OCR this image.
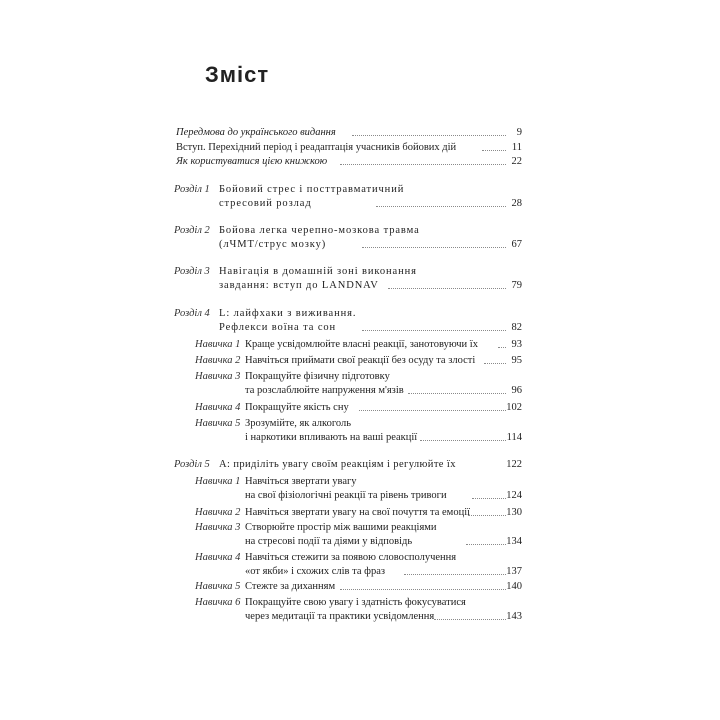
Зміст
Передмова до українського видання	9
Вступ. Перехідний період і реадаптація учасників бойових дій	11
Як користуватися цією книжкою	22
Розділ 1 Бойовий стрес і посттравматичний
стресовий розлад	28
Розділ 2 Бойова легка черепно-мозкова травма
(лЧМТ/струс мозку)	67
Розділ 3 Навігація в домашній зоні виконання
завдання: вступ до LANDNAV	79
Розділ 4 L: лайфхаки з виживання.
Рефлекси воїна та сон	82
Навичка 1 Краще усвідомлюйте власні реакції, занотовуючи їх	93
Навичка 2 Навчіться приймати свої реакції без осуду та злості	95
Навичка 3 Покращуйте фізичну підготовку
та розслаблюйте напруження м'язів	96
Навичка 4 Покращуйте якість сну	102
Навичка 5 Зрозумійте, як алкоголь
і наркотики впливають на ваші реакції	114
Розділ 5 А: приділіть увагу своїм реакціям і регулюйте їх	122
Навичка 1 Навчіться звертати увагу
на свої фізіологічні реакції та рівень тривоги	124
Навичка 2 Навчіться звертати увагу на свої почуття та емоції	130
Навичка 3 Створюйте простір між вашими реакціями
на стресові події та діями у відповідь	134
Навичка 4 Навчіться стежити за появою словосполучення
«от якби» і схожих слів та фраз	137
Навичка 5 Стежте за диханням	140
Навичка 6 Покращуйте свою увагу і здатність фокусуватися
через медитації та практики усвідомлення	143
